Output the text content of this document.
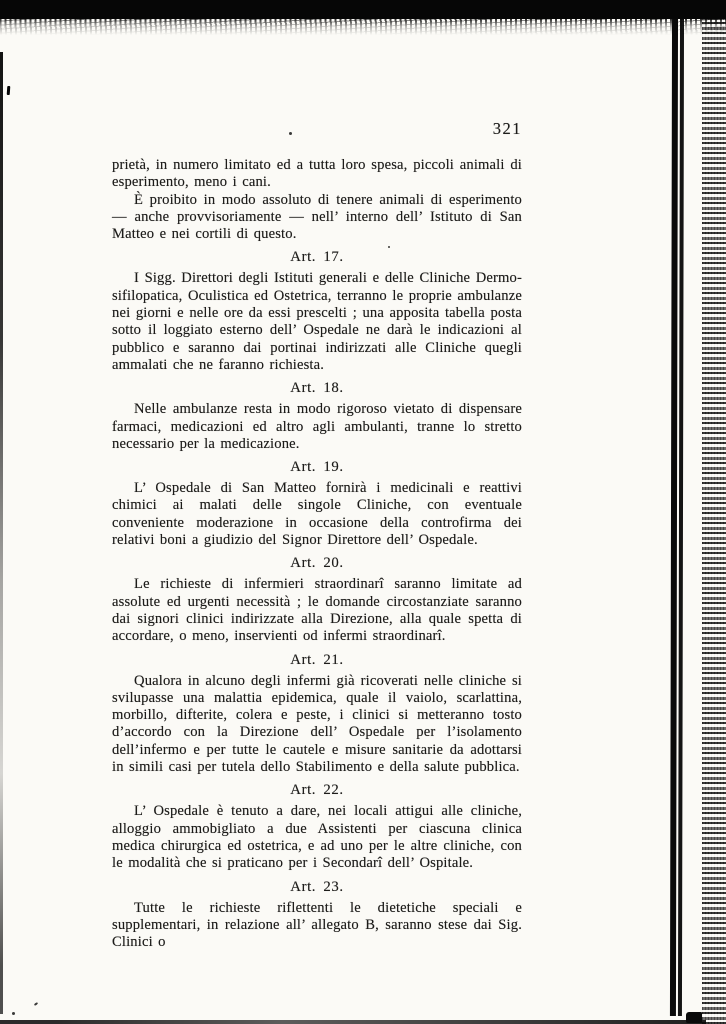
321

prietà, in numero limitato ed a tutta loro spesa, piccoli animali di esperimento, meno i cani.

È proibito in modo assoluto di tenere animali di esperimento — anche provvisoriamente — nell’ interno dell’ Istituto di San Matteo e nei cortili di questo.

Art. 17.

I Sigg. Direttori degli Istituti generali e delle Cliniche Dermo-sifilopatica, Oculistica ed Ostetrica, terranno le proprie ambulanze nei giorni e nelle ore da essi prescelti ; una apposita tabella posta sotto il loggiato esterno dell’ Ospedale ne darà le indicazioni al pubblico e saranno dai portinai indirizzati alle Cliniche quegli ammalati che ne faranno richiesta.

Art. 18.

Nelle ambulanze resta in modo rigoroso vietato di dispensare farmaci, medicazioni ed altro agli ambulanti, tranne lo stretto necessario per la medicazione.

Art. 19.

L’ Ospedale di San Matteo fornirà i medicinali e reattivi chimici ai malati delle singole Cliniche, con eventuale conveniente moderazione in occasione della controfirma dei relativi boni a giudizio del Signor Direttore dell’ Ospedale.

Art. 20.

Le richieste di infermieri straordinarî saranno limitate ad assolute ed urgenti necessità ; le domande circostanziate saranno dai signori clinici indirizzate alla Direzione, alla quale spetta di accordare, o meno, inservienti od infermi straordinarî.

Art. 21.

Qualora in alcuno degli infermi già ricoverati nelle cliniche si svilupasse una malattia epidemica, quale il vaiolo, scarlattina, morbillo, difterite, colera e peste, i clinici si metteranno tosto d’accordo con la Direzione dell’ Ospedale per l’isolamento dell’infermo e per tutte le cautele e misure sanitarie da adottarsi in simili casi per tutela dello Stabilimento e della salute pubblica.

Art. 22.

L’ Ospedale è tenuto a dare, nei locali attigui alle cliniche, alloggio ammobigliato a due Assistenti per ciascuna clinica medica chirurgica ed ostetrica, e ad uno per le altre cliniche, con le modalità che si praticano per i Secondarî dell’ Ospitale.

Art. 23.

Tutte le richieste riflettenti le dietetiche speciali e supplementari, in relazione all’ allegato B, saranno stese dai Sig. Clinici o
